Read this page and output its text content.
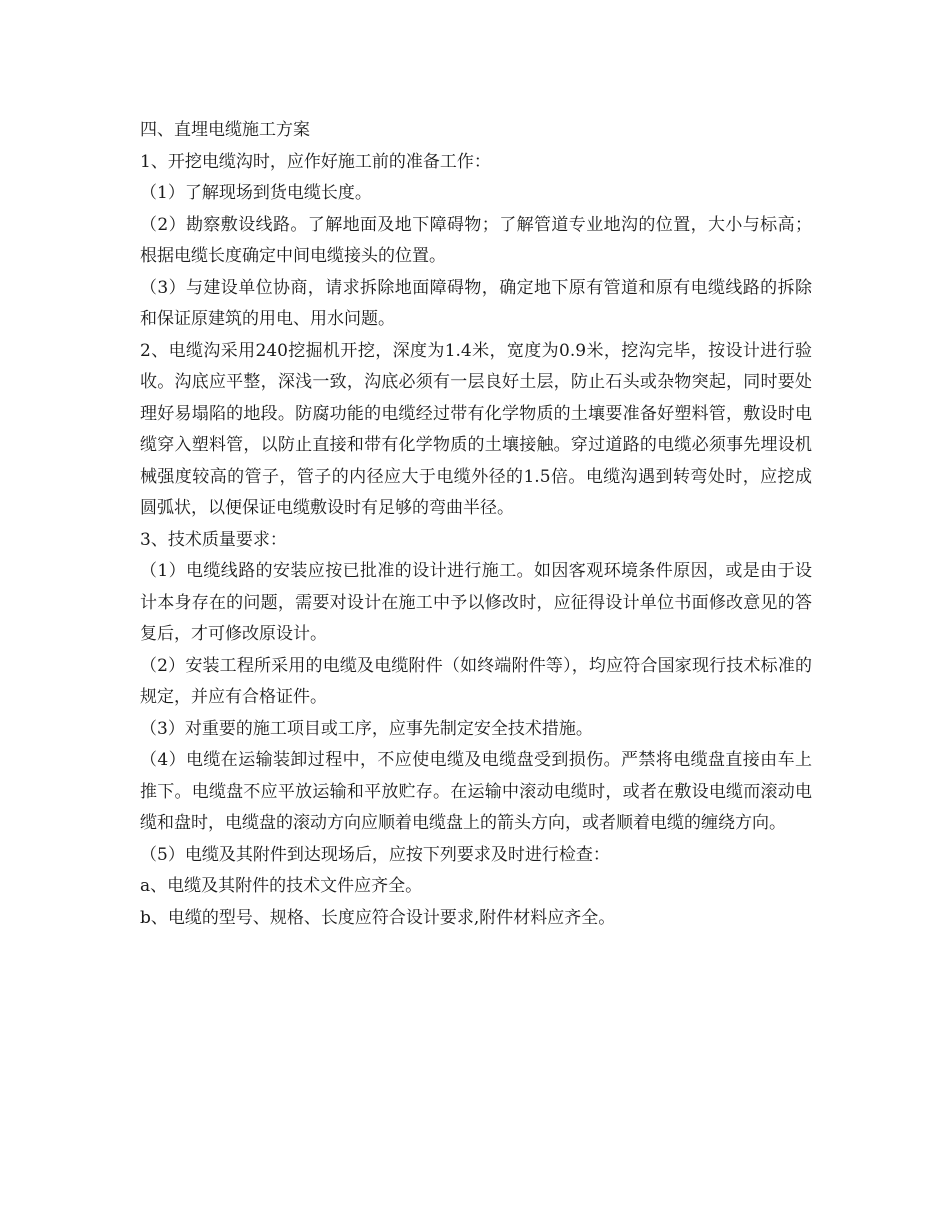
四、直埋电缆施工方案

1、开挖电缆沟时，应作好施工前的准备工作：

（1）了解现场到货电缆长度。

（2）勘察敷设线路。了解地面及地下障碍物；了解管道专业地沟的位置，大小与标高；根据电缆长度确定中间电缆接头的位置。

（3）与建设单位协商，请求拆除地面障碍物，确定地下原有管道和原有电缆线路的拆除和保证原建筑的用电、用水问题。

2、电缆沟采用240挖掘机开挖，深度为1.4米，宽度为0.9米，挖沟完毕，按设计进行验收。沟底应平整，深浅一致，沟底必须有一层良好土层，防止石头或杂物突起，同时要处理好易塌陷的地段。防腐功能的电缆经过带有化学物质的土壤要准备好塑料管，敷设时电缆穿入塑料管，以防止直接和带有化学物质的土壤接触。穿过道路的电缆必须事先埋设机械强度较高的管子，管子的内径应大于电缆外径的1.5倍。电缆沟遇到转弯处时，应挖成圆弧状，以便保证电缆敷设时有足够的弯曲半径。

3、技术质量要求：

（1）电缆线路的安装应按已批准的设计进行施工。如因客观环境条件原因，或是由于设计本身存在的问题，需要对设计在施工中予以修改时，应征得设计单位书面修改意见的答复后，才可修改原设计。

（2）安装工程所采用的电缆及电缆附件（如终端附件等），均应符合国家现行技术标准的规定，并应有合格证件。

（3）对重要的施工项目或工序，应事先制定安全技术措施。

（4）电缆在运输装卸过程中，不应使电缆及电缆盘受到损伤。严禁将电缆盘直接由车上推下。电缆盘不应平放运输和平放贮存。在运输中滚动电缆时，或者在敷设电缆而滚动电缆和盘时，电缆盘的滚动方向应顺着电缆盘上的箭头方向，或者顺着电缆的缠绕方向。

（5）电缆及其附件到达现场后，应按下列要求及时进行检查：

a、电缆及其附件的技术文件应齐全。

b、电缆的型号、规格、长度应符合设计要求,附件材料应齐全。
